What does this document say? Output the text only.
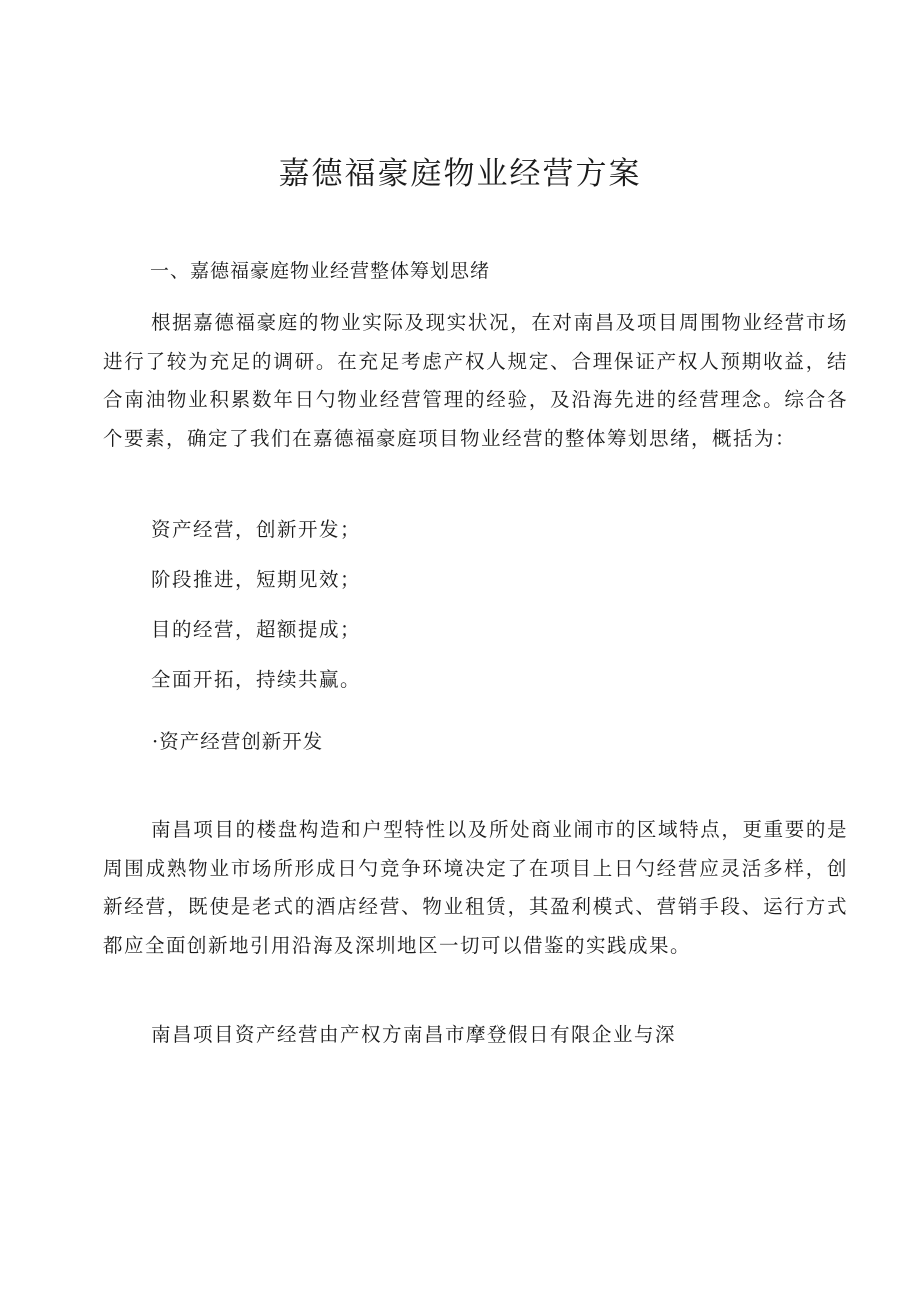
嘉德福豪庭物业经营方案
一、嘉德福豪庭物业经营整体筹划思绪

根据嘉德福豪庭的物业实际及现实状况，在对南昌及项目周围物业经营市场进行了较为充足的调研。在充足考虑产权人规定、合理保证产权人预期收益，结合南油物业积累数年日勺物业经营管理的经验，及沿海先进的经营理念。综合各个要素，确定了我们在嘉德福豪庭项目物业经营的整体筹划思绪，概括为：

资产经营，创新开发；
阶段推进，短期见效；
目的经营，超额提成；
全面开拓，持续共赢。
·资产经营创新开发

南昌项目的楼盘构造和户型特性以及所处商业闹市的区域特点，更重要的是周围成熟物业市场所形成日勺竞争环境决定了在项目上日勺经营应灵活多样，创新经营，既使是老式的酒店经营、物业租赁，其盈利模式、营销手段、运行方式都应全面创新地引用沿海及深圳地区一切可以借鉴的实践成果。

南昌项目资产经营由产权方南昌市摩登假日有限企业与深
